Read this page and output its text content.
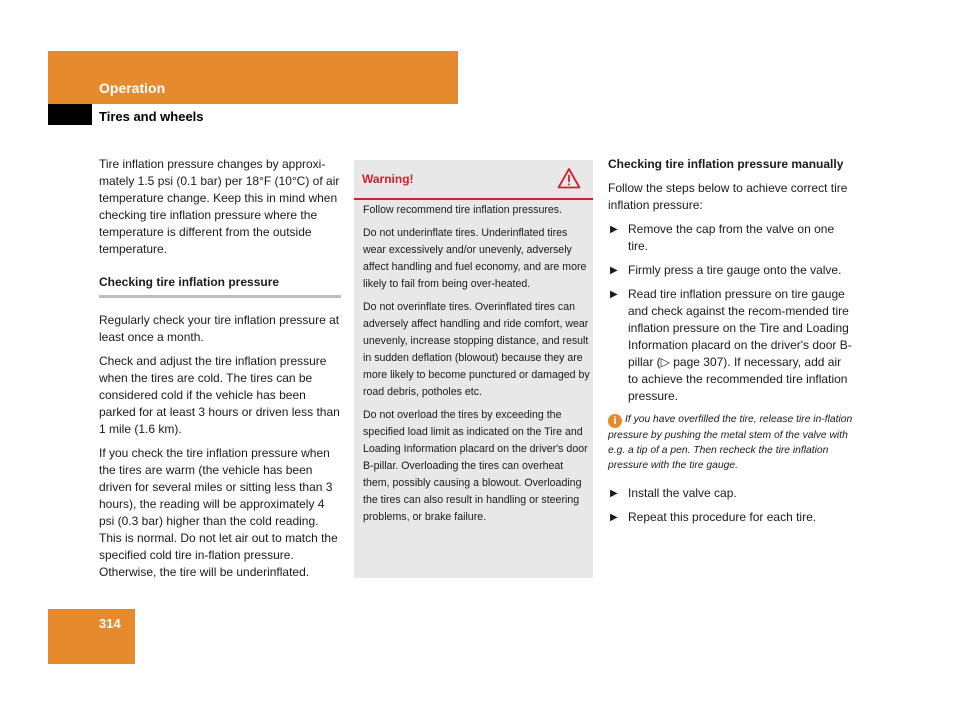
Operation
Tires and wheels

Tire inflation pressure changes by approxi-mately 1.5 psi (0.1 bar) per 18°F (10°C) of air temperature change. Keep this in mind when checking tire inflation pressure where the temperature is different from the outside temperature.

Checking tire inflation pressure

Regularly check your tire inflation pressure at least once a month.

Check and adjust the tire inflation pressure when the tires are cold. The tires can be considered cold if the vehicle has been parked for at least 3 hours or driven less than 1 mile (1.6 km).

If you check the tire inflation pressure when the tires are warm (the vehicle has been driven for several miles or sitting less than 3 hours), the reading will be approximately 4 psi (0.3 bar) higher than the cold reading. This is normal. Do not let air out to match the specified cold tire in-flation pressure. Otherwise, the tire will be underinflated.

Warning!

Follow recommend tire inflation pressures.

Do not underinflate tires. Underinflated tires wear excessively and/or unevenly, adversely affect handling and fuel economy, and are more likely to fail from being over-heated.

Do not overinflate tires. Overinflated tires can adversely affect handling and ride comfort, wear unevenly, increase stopping distance, and result in sudden deflation (blowout) because they are more likely to become punctured or damaged by road debris, potholes etc.

Do not overload the tires by exceeding the specified load limit as indicated on the Tire and Loading Information placard on the driver's door B-pillar. Overloading the tires can overheat them, possibly causing a blowout. Overloading the tires can also result in handling or steering problems, or brake failure.

Checking tire inflation pressure manually

Follow the steps below to achieve correct tire inflation pressure:

▶ Remove the cap from the valve on one tire.
▶ Firmly press a tire gauge onto the valve.
▶ Read tire inflation pressure on tire gauge and check against the recom-mended tire inflation pressure on the Tire and Loading Information placard on the driver's door B-pillar (▷ page 307). If necessary, add air to achieve the recommended tire inflation pressure.
i If you have overfilled the tire, release tire in-flation pressure by pushing the metal stem of the valve with e.g. a tip of a pen. Then recheck the tire inflation pressure with the tire gauge.
▶ Install the valve cap.
▶ Repeat this procedure for each tire.
314
